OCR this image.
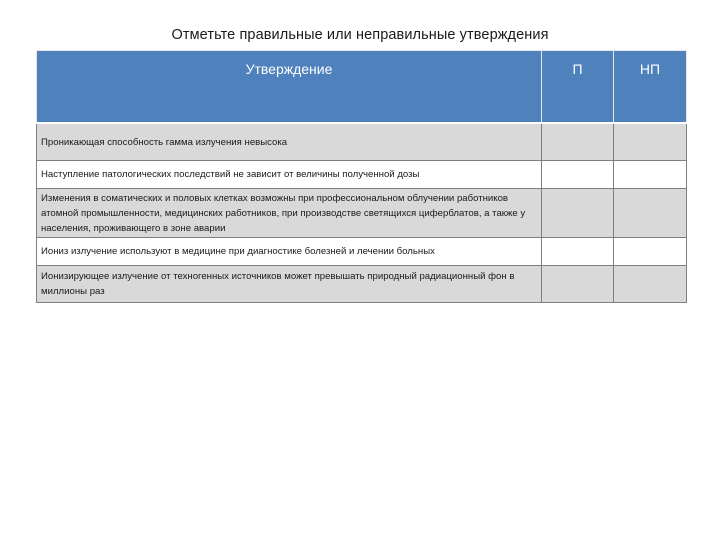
Отметьте правильные или неправильные утверждения
Утверждение	П	НП
Проникающая способность гамма излучения невысока		
Наступление патологических последствий не зависит от величины полученной дозы		
Изменения в соматических и половых клетках возможны при профессиональном облучении работников атомной промышленности, медицинских работников, при производстве светящихся циферблатов, а также у населения, проживающего в зоне аварии		
Иониз излучение используют в медицине при диагностике болезней и лечении больных		
Ионизирующее излучение от техногенных источников может превышать природный радиационный фон в миллионы раз		
